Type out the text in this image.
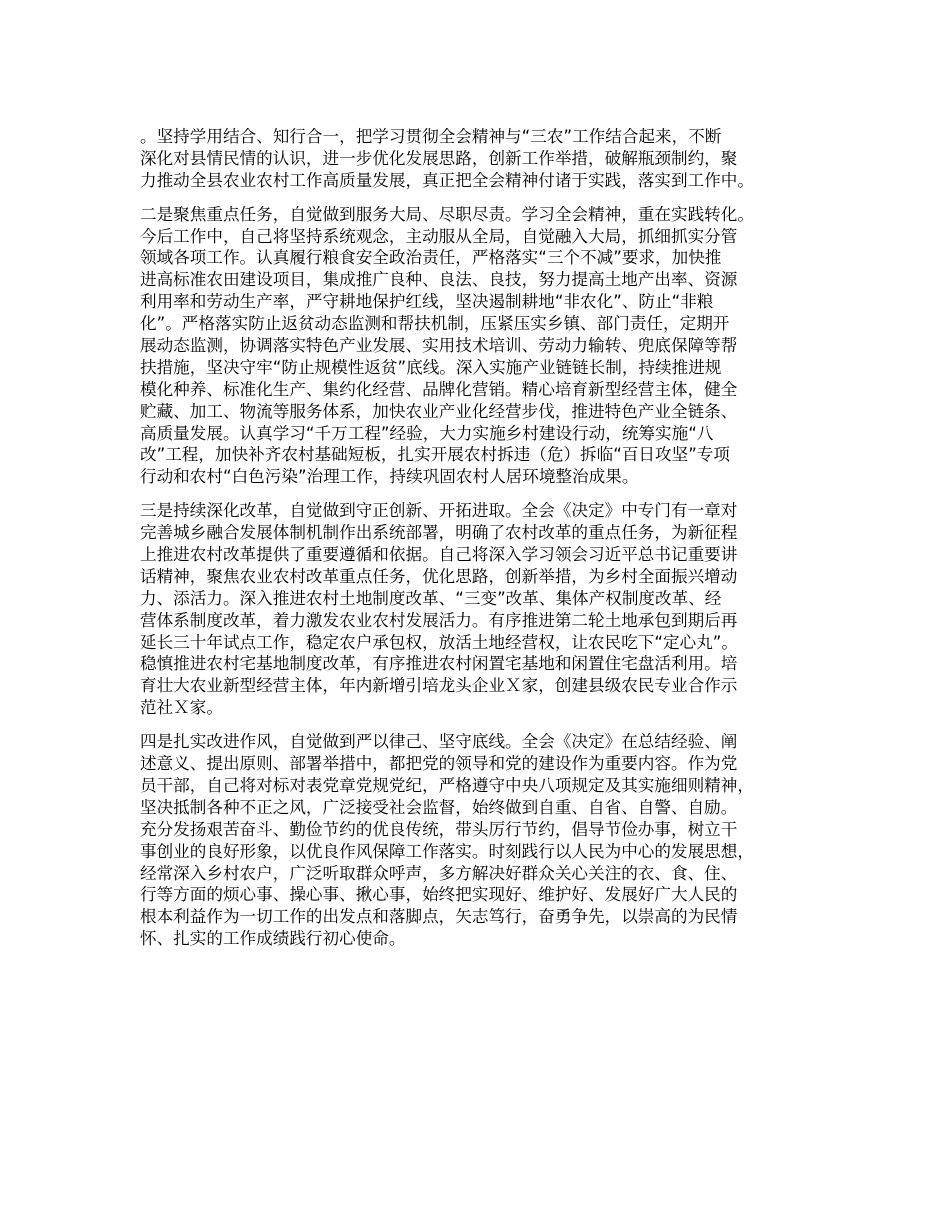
。坚持学用结合、知行合一，把学习贯彻全会精神与“三农”工作结合起来，不断
深化对县情民情的认识，进一步优化发展思路，创新工作举措，破解瓶颈制约，聚
力推动全县农业农村工作高质量发展，真正把全会精神付诸于实践，落实到工作中。

二是聚焦重点任务，自觉做到服务大局、尽职尽责。学习全会精神，重在实践转化。
今后工作中，自己将坚持系统观念，主动服从全局，自觉融入大局，抓细抓实分管
领域各项工作。认真履行粮食安全政治责任，严格落实“三个不减”要求，加快推
进高标准农田建设项目，集成推广良种、良法、良技，努力提高土地产出率、资源
利用率和劳动生产率，严守耕地保护红线，坚决遏制耕地“非农化”、防止“非粮
化”。严格落实防止返贫动态监测和帮扶机制，压紧压实乡镇、部门责任，定期开
展动态监测，协调落实特色产业发展、实用技术培训、劳动力输转、兜底保障等帮
扶措施，坚决守牢“防止规模性返贫”底线。深入实施产业链链长制，持续推进规
模化种养、标准化生产、集约化经营、品牌化营销。精心培育新型经营主体，健全
贮藏、加工、物流等服务体系，加快农业产业化经营步伐，推进特色产业全链条、
高质量发展。认真学习“千万工程”经验，大力实施乡村建设行动，统筹实施“八
改”工程，加快补齐农村基础短板，扎实开展农村拆违（危）拆临“百日攻坚”专项
行动和农村“白色污染”治理工作，持续巩固农村人居环境整治成果。

三是持续深化改革，自觉做到守正创新、开拓进取。全会《决定》中专门有一章对
完善城乡融合发展体制机制作出系统部署，明确了农村改革的重点任务，为新征程
上推进农村改革提供了重要遵循和依据。自己将深入学习领会习近平总书记重要讲
话精神，聚焦农业农村改革重点任务，优化思路，创新举措，为乡村全面振兴增动
力、添活力。深入推进农村土地制度改革、“三变”改革、集体产权制度改革、经
营体系制度改革，着力激发农业农村发展活力。有序推进第二轮土地承包到期后再
延长三十年试点工作，稳定农户承包权，放活土地经营权，让农民吃下“定心丸”。
稳慎推进农村宅基地制度改革，有序推进农村闲置宅基地和闲置住宅盘活利用。培
育壮大农业新型经营主体，年内新增引培龙头企业Ｘ家，创建县级农民专业合作示
范社Ｘ家。

四是扎实改进作风，自觉做到严以律己、坚守底线。全会《决定》在总结经验、阐
述意义、提出原则、部署举措中，都把党的领导和党的建设作为重要内容。作为党
员干部，自己将对标对表党章党规党纪，严格遵守中央八项规定及其实施细则精神，
坚决抵制各种不正之风，广泛接受社会监督，始终做到自重、自省、自警、自励。
充分发扬艰苦奋斗、勤俭节约的优良传统，带头厉行节约，倡导节俭办事，树立干
事创业的良好形象，以优良作风保障工作落实。时刻践行以人民为中心的发展思想，
经常深入乡村农户，广泛听取群众呼声，多方解决好群众关心关注的衣、食、住、
行等方面的烦心事、操心事、揪心事，始终把实现好、维护好、发展好广大人民的
根本利益作为一切工作的出发点和落脚点，矢志笃行，奋勇争先，以崇高的为民情
怀、扎实的工作成绩践行初心使命。
